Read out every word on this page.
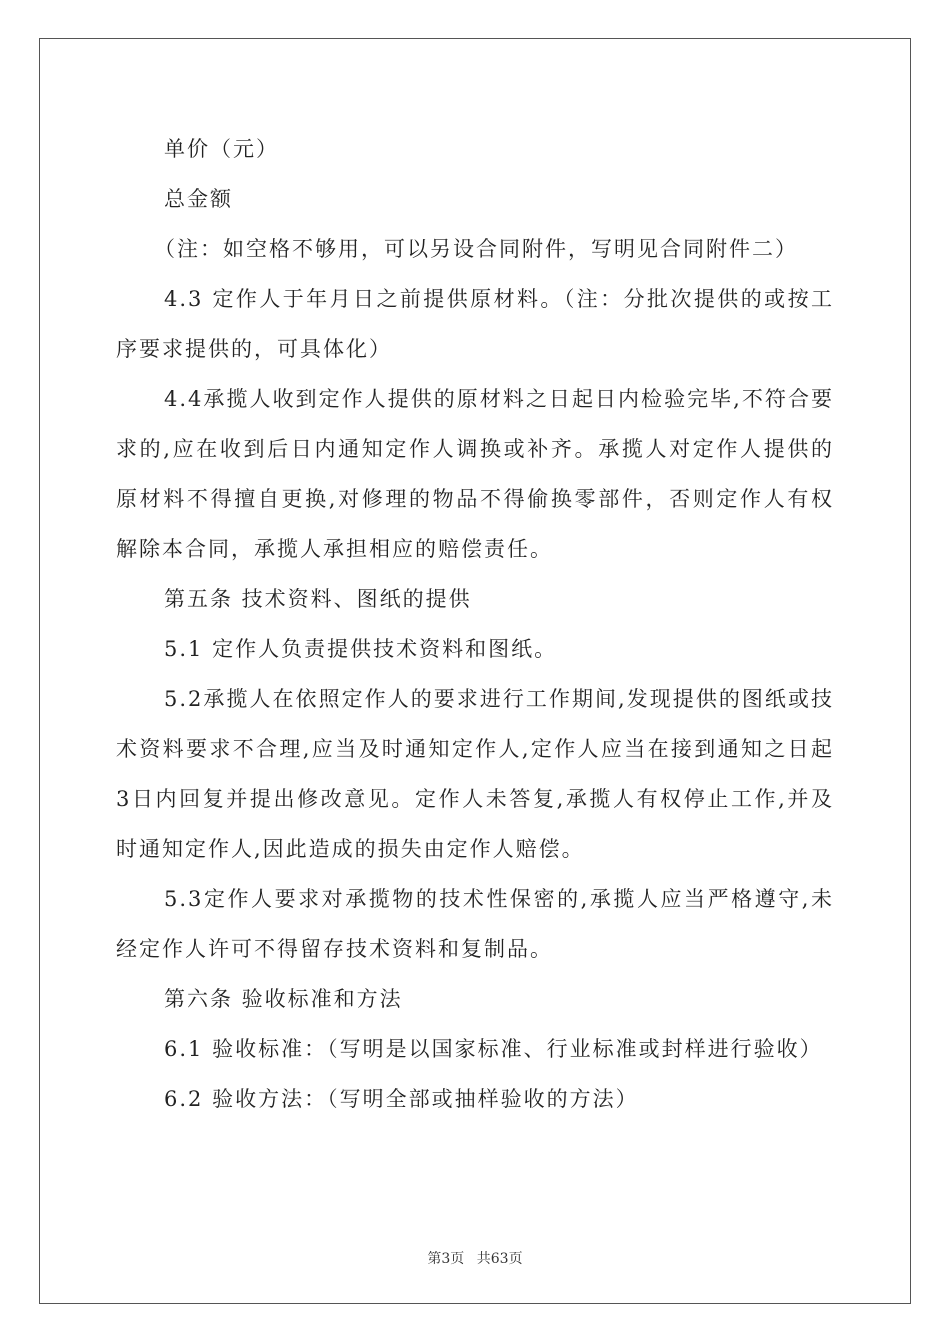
单价（元）

总金额

（注：如空格不够用，可以另设合同附件，写明见合同附件二）

4.3 定作人于年月日之前提供原材料。（注：分批次提供的或按工序要求提供的，可具体化）

4.4承揽人收到定作人提供的原材料之日起日内检验完毕,不符合要求的,应在收到后日内通知定作人调换或补齐。承揽人对定作人提供的原材料不得擅自更换,对修理的物品不得偷换零部件，否则定作人有权解除本合同，承揽人承担相应的赔偿责任。

第五条 技术资料、图纸的提供

5.1 定作人负责提供技术资料和图纸。

5.2承揽人在依照定作人的要求进行工作期间,发现提供的图纸或技术资料要求不合理,应当及时通知定作人,定作人应当在接到通知之日起3日内回复并提出修改意见。定作人未答复,承揽人有权停止工作,并及时通知定作人,因此造成的损失由定作人赔偿。

5.3定作人要求对承揽物的技术性保密的,承揽人应当严格遵守,未经定作人许可不得留存技术资料和复制品。

第六条 验收标准和方法

6.1 验收标准：（写明是以国家标准、行业标准或封样进行验收）

6.2 验收方法：（写明全部或抽样验收的方法）

第3页 共63页
